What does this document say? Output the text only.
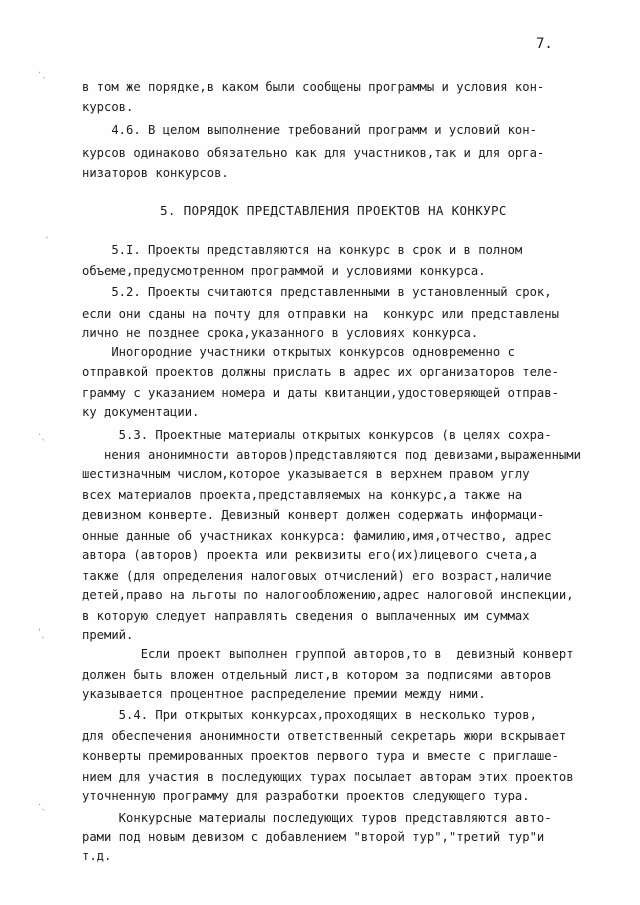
7.
5. ПОРЯДОК ПРЕДСТАВЛЕНИЯ ПРОЕКТОВ НА КОНКУРС
в том же порядке,в каком были сообщены программы и условия кон-
курсов.
4.6. В целом выполнение требований программ и условий кон-
курсов одинаково обязательно как для участников,так и для орга-
низаторов конкурсов.
5.I. Проекты представляются на конкурс в срок и в полном
объеме,предусмотренном программой и условиями конкурса.
5.2. Проекты считаются представленными в установленный срок,
если они сданы на почту для отправки на  конкурс или представлены
лично не позднее срока,указанного в условиях конкурса.
Иногородние участники открытых конкурсов одновременно с
отправкой проектов должны прислать в адрес их организаторов теле-
грамму с указанием номера и даты квитанции,удостоверяющей отправ-
ку документации.
5.3. Проектные материалы открытых конкурсов (в целях сохра-
нения анонимности авторов)представляются под девизами,выраженными
шестизначным числом,которое указывается в верхнем правом углу
всех материалов проекта,представляемых на конкурс,а также на
девизном конверте. Девизный конверт должен содержать информаци-
онные данные об участниках конкурса: фамилию,имя,отчество, адрес
автора (авторов) проекта или реквизиты его(их)лицевого счета,а
также (для определения налоговых отчислений) его возраст,наличие
детей,право на льготы по налогообложению,адрес налоговой инспекции,
в которую следует направлять сведения о выплаченных им суммах
премий.
Если проект выполнен группой авторов,то в  девизный конверт
должен быть вложен отдельный лист,в котором за подписями авторов
указывается процентное распределение премии между ними.
5.4. При открытых конкурсах,проходящих в несколько туров,
для обеспечения анонимности ответственный секретарь жюри вскрывает
конверты премированных проектов первого тура и вместе с приглаше-
нием для участия в последующих турах посылает авторам этих проектов
уточненную программу для разработки проектов следующего тура.
Конкурсные материалы последующих туров представляются авто-
рами под новым девизом с добавлением "второй тур","третий тур"и
т.д.
·ˏ
ˏ
·ˎ
ˈˎ
·ˎ
